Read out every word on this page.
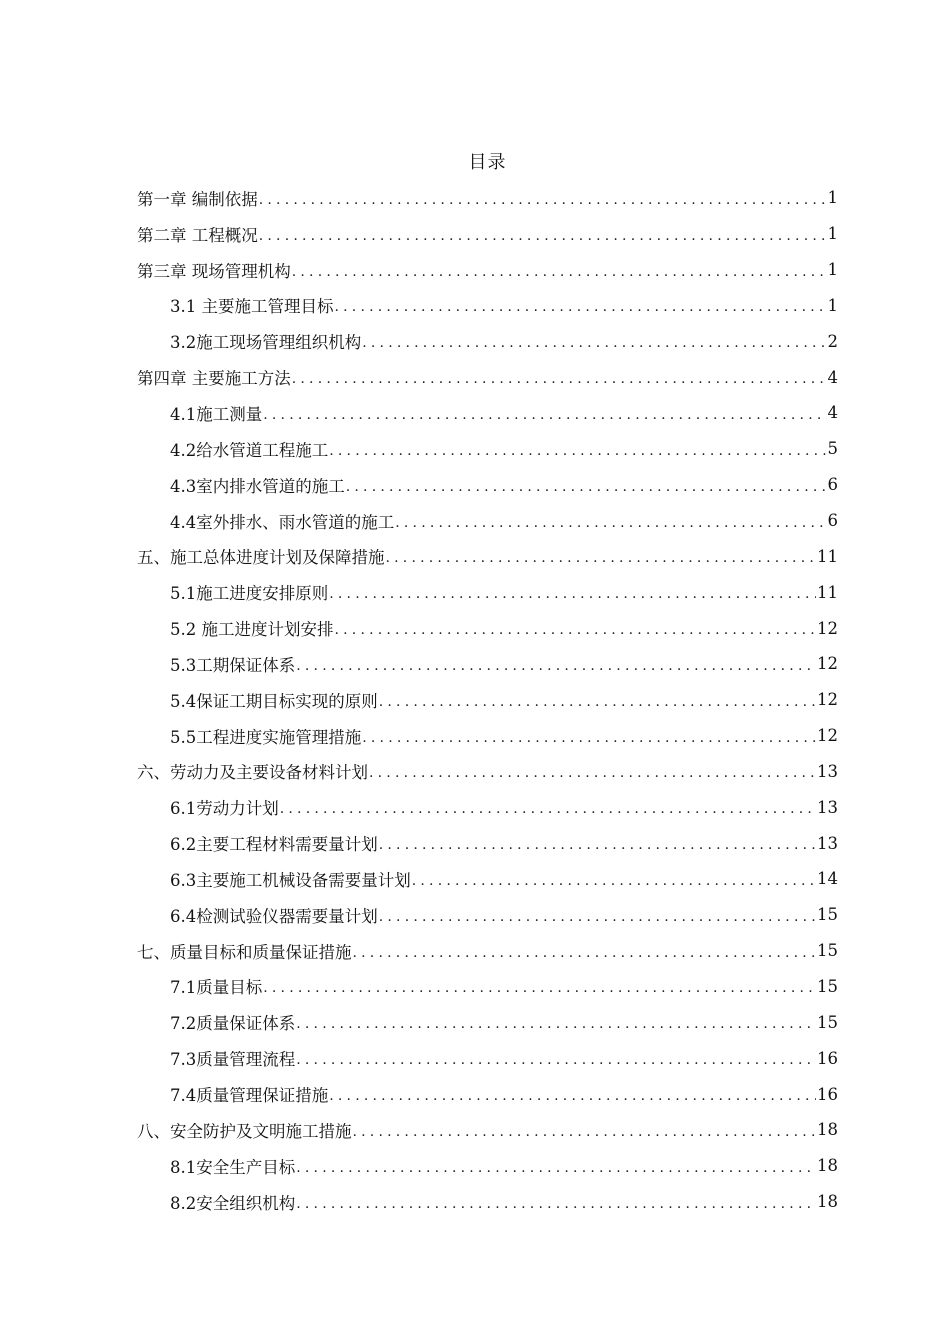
目录
第一章 编制依据 .....	1
第二章 工程概况 .....	1
第三章 现场管理机构 .....	1
3.1 主要施工管理目标 .....	1
3.2施工现场管理组织机构 .....	2
第四章 主要施工方法 .....	4
4.1施工测量 .....	4
4.2给水管道工程施工 .....	5
4.3室内排水管道的施工 .....	6
4.4室外排水、雨水管道的施工 .....	6
五、施工总体进度计划及保障措施 .....	11
5.1施工进度安排原则 .....	11
5.2 施工进度计划安排 .....	12
5.3工期保证体系 .....	12
5.4保证工期目标实现的原则 .....	12
5.5工程进度实施管理措施 .....	12
六、劳动力及主要设备材料计划 .....	13
6.1劳动力计划 .....	13
6.2主要工程材料需要量计划 .....	13
6.3主要施工机械设备需要量计划 .....	14
6.4检测试验仪器需要量计划 .....	15
七、质量目标和质量保证措施 .....	15
7.1质量目标 .....	15
7.2质量保证体系 .....	15
7.3质量管理流程 .....	16
7.4质量管理保证措施 .....	16
八、安全防护及文明施工措施 .....	18
8.1安全生产目标 .....	18
8.2安全组织机构 .....	18
